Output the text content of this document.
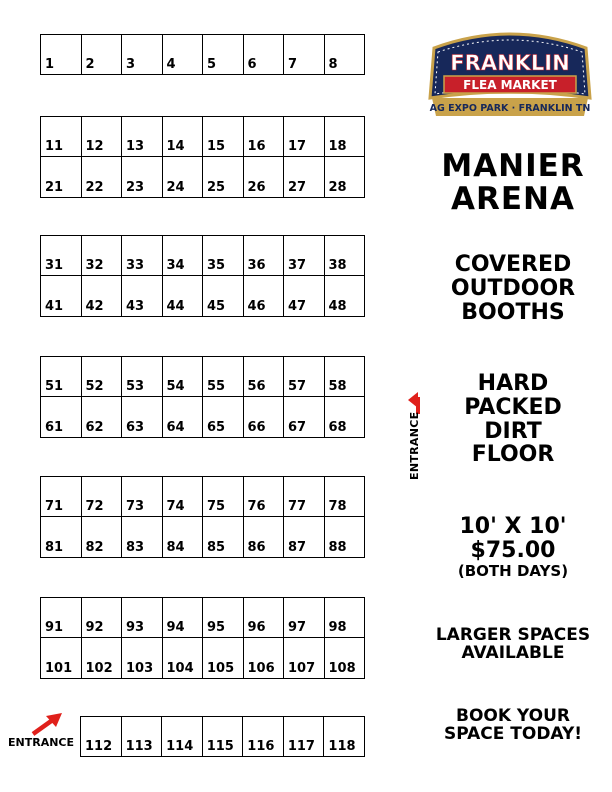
1 2 3 4 5 6 7 8
11 12 13 14 15 16 17 18
21 22 23 24 25 26 27 28
31 32 33 34 35 36 37 38
41 42 43 44 45 46 47 48
51 52 53 54 55 56 57 58
61 62 63 64 65 66 67 68
71 72 73 74 75 76 77 78
81 82 83 84 85 86 87 88
91 92 93 94 95 96 97 98
101 102 103 104 105 106 107 108
112 113 114 115 116 117 118
FRANKLIN
FLEA MARKET
AG EXPO PARK · FRANKLIN TN
MANIER
ARENA
COVERED
OUTDOOR
BOOTHS
HARD
PACKED
DIRT
FLOOR
10' X 10'
$75.00
(BOTH DAYS)
LARGER SPACES
AVAILABLE
BOOK YOUR
SPACE TODAY!
ENTRANCE
ENTRANCE
